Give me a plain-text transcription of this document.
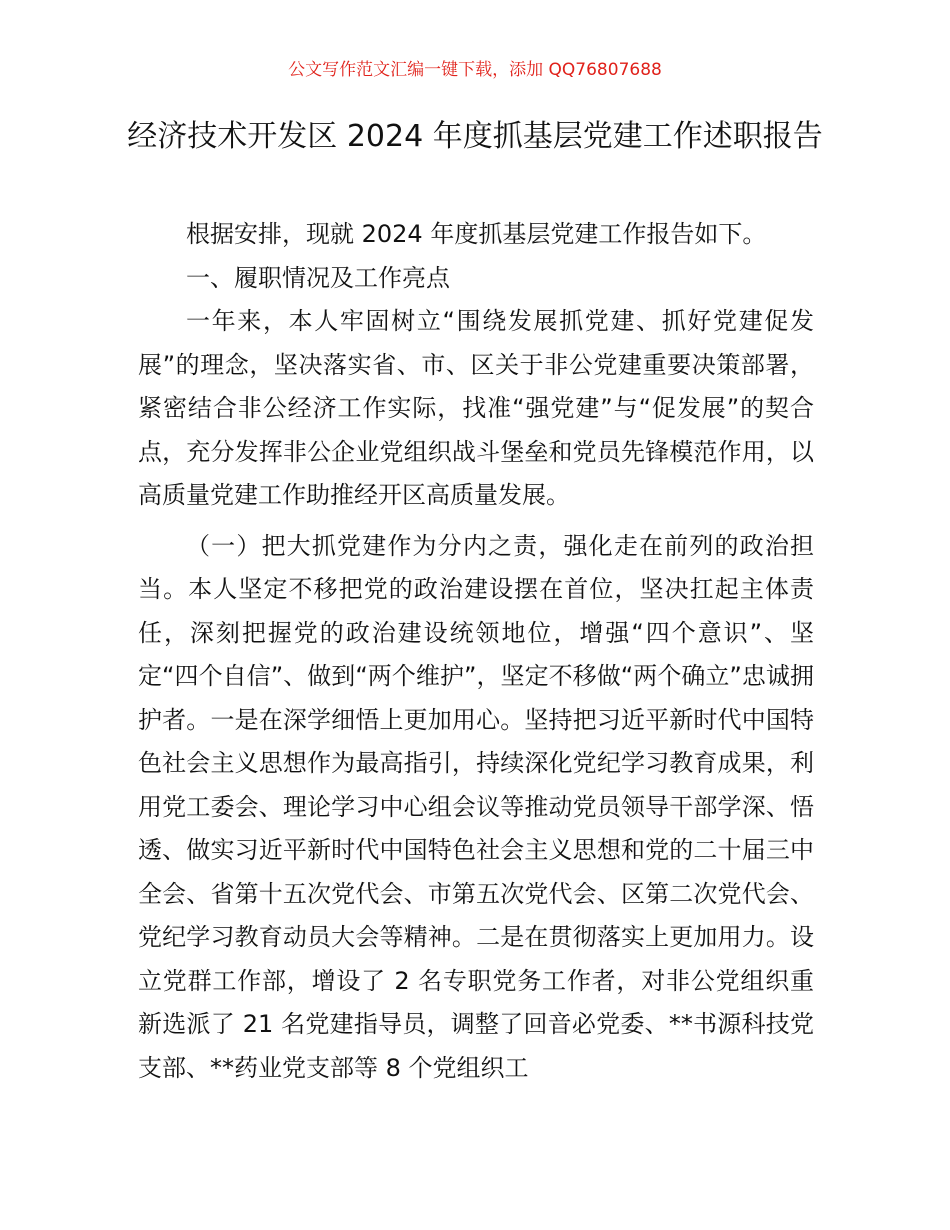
公文写作范文汇编一键下载，添加 QQ76807688
经济技术开发区 2024 年度抓基层党建工作述职报告

根据安排，现就 2024 年度抓基层党建工作报告如下。

一、履职情况及工作亮点

一年来，本人牢固树立“围绕发展抓党建、抓好党建促发展”的理念，坚决落实省、市、区关于非公党建重要决策部署，紧密结合非公经济工作实际，找准“强党建”与“促发展”的契合点，充分发挥非公企业党组织战斗堡垒和党员先锋模范作用，以高质量党建工作助推经开区高质量发展。

（一）把大抓党建作为分内之责，强化走在前列的政治担当。本人坚定不移把党的政治建设摆在首位，坚决扛起主体责任，深刻把握党的政治建设统领地位，增强“四个意识”、坚定“四个自信”、做到“两个维护”，坚定不移做“两个确立”忠诚拥护者。一是在深学细悟上更加用心。坚持把习近平新时代中国特色社会主义思想作为最高指引，持续深化党纪学习教育成果，利用党工委会、理论学习中心组会议等推动党员领导干部学深、悟透、做实习近平新时代中国特色社会主义思想和党的二十届三中全会、省第十五次党代会、市第五次党代会、区第二次党代会、党纪学习教育动员大会等精神。二是在贯彻落实上更加用力。设立党群工作部，增设了 2 名专职党务工作者，对非公党组织重新选派了 21 名党建指导员，调整了回音必党委、**书源科技党支部、**药业党支部等 8 个党组织工
